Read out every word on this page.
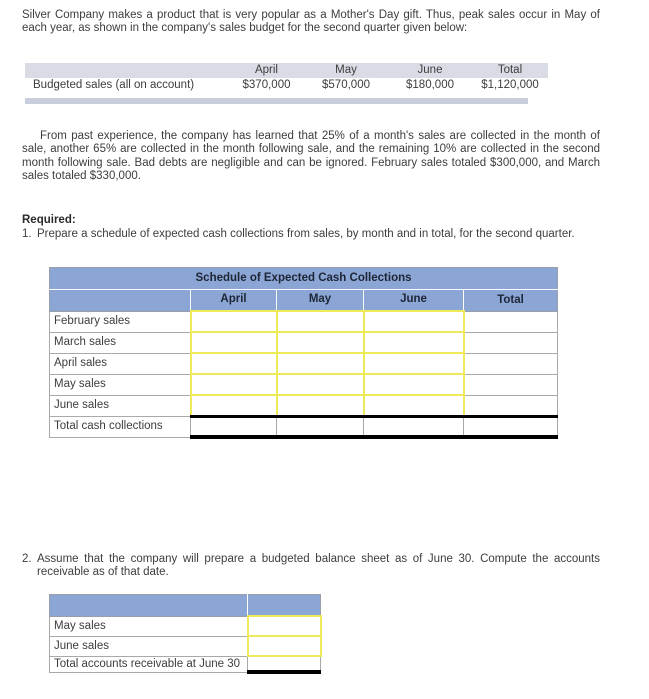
Silver Company makes a product that is very popular as a Mother's Day gift. Thus, peak sales occur in May of each year, as shown in the company's sales budget for the second quarter given below:
	April	May	June	Total
Budgeted sales (all on account)	$370,000	$570,000	$180,000	$1,120,000
From past experience, the company has learned that 25% of a month's sales are collected in the month of sale, another 65% are collected in the month following sale, and the remaining 10% are collected in the second month following sale. Bad debts are negligible and can be ignored. February sales totaled $300,000, and March sales totaled $330,000.
Required:
1. Prepare a schedule of expected cash collections from sales, by month and in total, for the second quarter.
Schedule of Expected Cash Collections				
	April	May	June	Total
February sales				
March sales				
April sales				
May sales				
June sales				
Total cash collections				
2. Assume that the company will prepare a budgeted balance sheet as of June 30. Compute the accounts receivable as of that date.

May sales	
June sales	
Total accounts receivable at June 30	
